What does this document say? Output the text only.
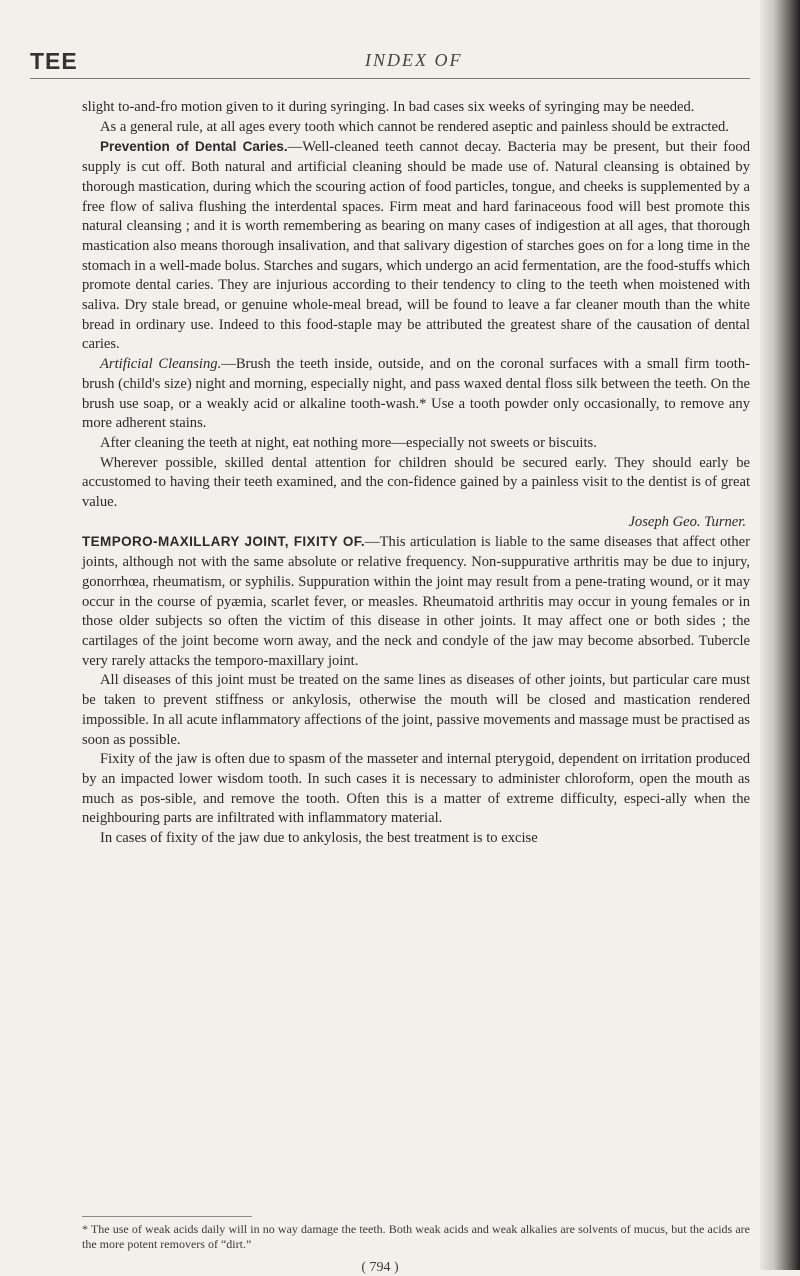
TEE	INDEX OF

slight to-and-fro motion given to it during syringing. In bad cases six weeks of syringing may be needed.

As a general rule, at all ages every tooth which cannot be rendered aseptic and painless should be extracted.

Prevention of Dental Caries.—Well-cleaned teeth cannot decay. Bacteria may be present, but their food supply is cut off. Both natural and artificial cleaning should be made use of. Natural cleansing is obtained by thorough mastication, during which the scouring action of food particles, tongue, and cheeks is supplemented by a free flow of saliva flushing the interdental spaces. Firm meat and hard farinaceous food will best promote this natural cleansing ; and it is worth remembering as bearing on many cases of indigestion at all ages, that thorough mastication also means thorough insalivation, and that salivary digestion of starches goes on for a long time in the stomach in a well-made bolus. Starches and sugars, which undergo an acid fermentation, are the food-stuffs which promote dental caries. They are injurious according to their tendency to cling to the teeth when moistened with saliva. Dry stale bread, or genuine whole-meal bread, will be found to leave a far cleaner mouth than the white bread in ordinary use. Indeed to this food-staple may be attributed the greatest share of the causation of dental caries.

Artificial Cleansing.—Brush the teeth inside, outside, and on the coronal surfaces with a small firm tooth-brush (child's size) night and morning, especially night, and pass waxed dental floss silk between the teeth. On the brush use soap, or a weakly acid or alkaline tooth-wash.* Use a tooth powder only occasionally, to remove any more adherent stains.

After cleaning the teeth at night, eat nothing more—especially not sweets or biscuits.

Wherever possible, skilled dental attention for children should be secured early. They should early be accustomed to having their teeth examined, and the con-fidence gained by a painless visit to the dentist is of great value.

Joseph Geo. Turner.

TEMPORO-MAXILLARY JOINT, FIXITY OF.—This articulation is liable to the same diseases that affect other joints, although not with the same absolute or relative frequency. Non-suppurative arthritis may be due to injury, gonorrhœa, rheumatism, or syphilis. Suppuration within the joint may result from a pene-trating wound, or it may occur in the course of pyæmia, scarlet fever, or measles. Rheumatoid arthritis may occur in young females or in those older subjects so often the victim of this disease in other joints. It may affect one or both sides ; the cartilages of the joint become worn away, and the neck and condyle of the jaw may become absorbed. Tubercle very rarely attacks the temporo-maxillary joint.

All diseases of this joint must be treated on the same lines as diseases of other joints, but particular care must be taken to prevent stiffness or ankylosis, otherwise the mouth will be closed and mastication rendered impossible. In all acute inflammatory affections of the joint, passive movements and massage must be practised as soon as possible.

Fixity of the jaw is often due to spasm of the masseter and internal pterygoid, dependent on irritation produced by an impacted lower wisdom tooth. In such cases it is necessary to administer chloroform, open the mouth as much as pos-sible, and remove the tooth. Often this is a matter of extreme difficulty, especi-ally when the neighbouring parts are infiltrated with inflammatory material.

In cases of fixity of the jaw due to ankylosis, the best treatment is to excise

* The use of weak acids daily will in no way damage the teeth. Both weak acids and weak alkalies are solvents of mucus, but the acids are the more potent removers of “dirt.”
( 794 )
